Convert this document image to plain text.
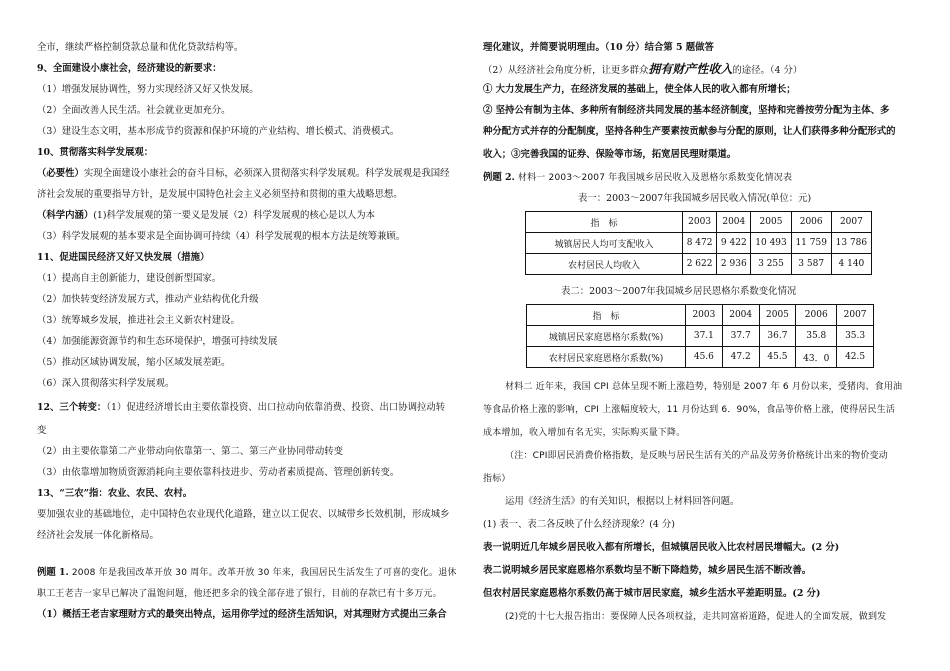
全市，继续严格控制贷款总量和优化贷款结构等。
9、全面建设小康社会，经济建设的新要求：
（1）增强发展协调性，努力实现经济又好又快发展。
（2）全面改善人民生活。社会就业更加充分。
（3）建设生态文明，基本形成节约资源和保护环境的产业结构、增长模式、消费模式。
10、贯彻落实科学发展观：
（必要性）实现全面建设小康社会的奋斗目标，必须深入贯彻落实科学发展观。科学发展观是我国经
济社会发展的重要指导方针，是发展中国特色社会主义必须坚持和贯彻的重大战略思想。
（科学内涵）(1)科学发展观的第一要义是发展（2）科学发展观的核心是以人为本
（3）科学发展观的基本要求是全面协调可持续（4）科学发展观的根本方法是统筹兼顾。
11、促进国民经济又好又快发展（措施）
（1）提高自主创新能力，建设创新型国家。
（2）加快转变经济发展方式，推动产业结构优化升级
（3）统筹城乡发展，推进社会主义新农村建设。
（4）加强能源资源节约和生态环境保护，增强可持续发展
（5）推动区域协调发展，缩小区域发展差距。
（6）深入贯彻落实科学发展观。
12、三个转变：（1）促进经济增长由主要依靠投资、出口拉动向依靠消费、投资、出口协调拉动转
变
（2）由主要依靠第二产业带动向依靠第一、第二、第三产业协同带动转变
（3）由依靠增加物质资源消耗向主要依靠科技进步、劳动者素质提高、管理创新转变。
13、“三农”指：农业、农民、农村。
要加强农业的基础地位，走中国特色农业现代化道路，建立以工促农、以城带乡长效机制，形成城乡
经济社会发展一体化新格局。
例题 1. 2008 年是我国改革开放 30 周年。改革开放 30 年来，我国居民生活发生了可喜的变化。退休
职工王老吉一家早已解决了温饱问题，他还把多余的钱全部存进了银行，目前的存款已有十多万元。
（1）概括王老吉家理财方式的最突出特点，运用你学过的经济生活知识，对其理财方式提出三条合
理化建议，并简要说明理由。（10 分）结合第 5 题做答
（2）从经济社会角度分析，让更多群众拥有财产性收入的途径。（4 分）
① 大力发展生产力，在经济发展的基础上，使全体人民的收入都有所增长；
② 坚持公有制为主体、多种所有制经济共同发展的基本经济制度，坚持和完善按劳分配为主体、多
种分配方式并存的分配制度，坚持各种生产要素按贡献参与分配的原则，让人们获得多种分配形式的
收入；③完善我国的证券、保险等市场，拓宽居民理财渠道。
例题 2. 材料一 2003～2007 年我国城乡居民收入及恩格尔系数变化情况表
表一：2003～2007年我国城乡居民收入情况(单位：元)
指　标	2003	2004	2005	2006	2007
城镇居民人均可支配收入	8 472	9 422	10 493	11 759	13 786
农村居民人均收入	2 622	2 936	3 255	3 587	4 140
表二：2003～2007年我国城乡居民恩格尔系数变化情况
指　标	2003	2004	2005	2006	2007
城镇居民家庭恩格尔系数(%)	37.1	37.7	36.7	35.8	35.3
农村居民家庭恩格尔系数(%)	45.6	47.2	45.5	43．0	42.5
材料二 近年来，我国 CPI 总体呈现不断上涨趋势，特别是 2007 年 6 月份以来，受猪肉、食用油
等食品价格上涨的影响，CPI 上涨幅度较大，11 月份达到 6．90%，食品等价格上涨，使得居民生活
成本增加，收入增加有名无实，实际购买量下降。
（注：CPI即居民消费价格指数，是反映与居民生活有关的产品及劳务价格统计出来的物价变动
指标）
运用《经济生活》的有关知识，根据以上材料回答问题。
(1) 表一、表二各反映了什么经济现象？(4 分)
表一说明近几年城乡居民收入都有所增长，但城镇居民收入比农村居民增幅大。(2 分)
表二说明城乡居民家庭恩格尔系数均呈不断下降趋势，城乡居民生活不断改善。
但农村居民家庭恩格尔系数仍高于城市居民家庭，城乡生活水平差距明显。(2 分)
(2)党的十七大报告指出：要保障人民各项权益，走共同富裕道路，促进人的全面发展，做到发
